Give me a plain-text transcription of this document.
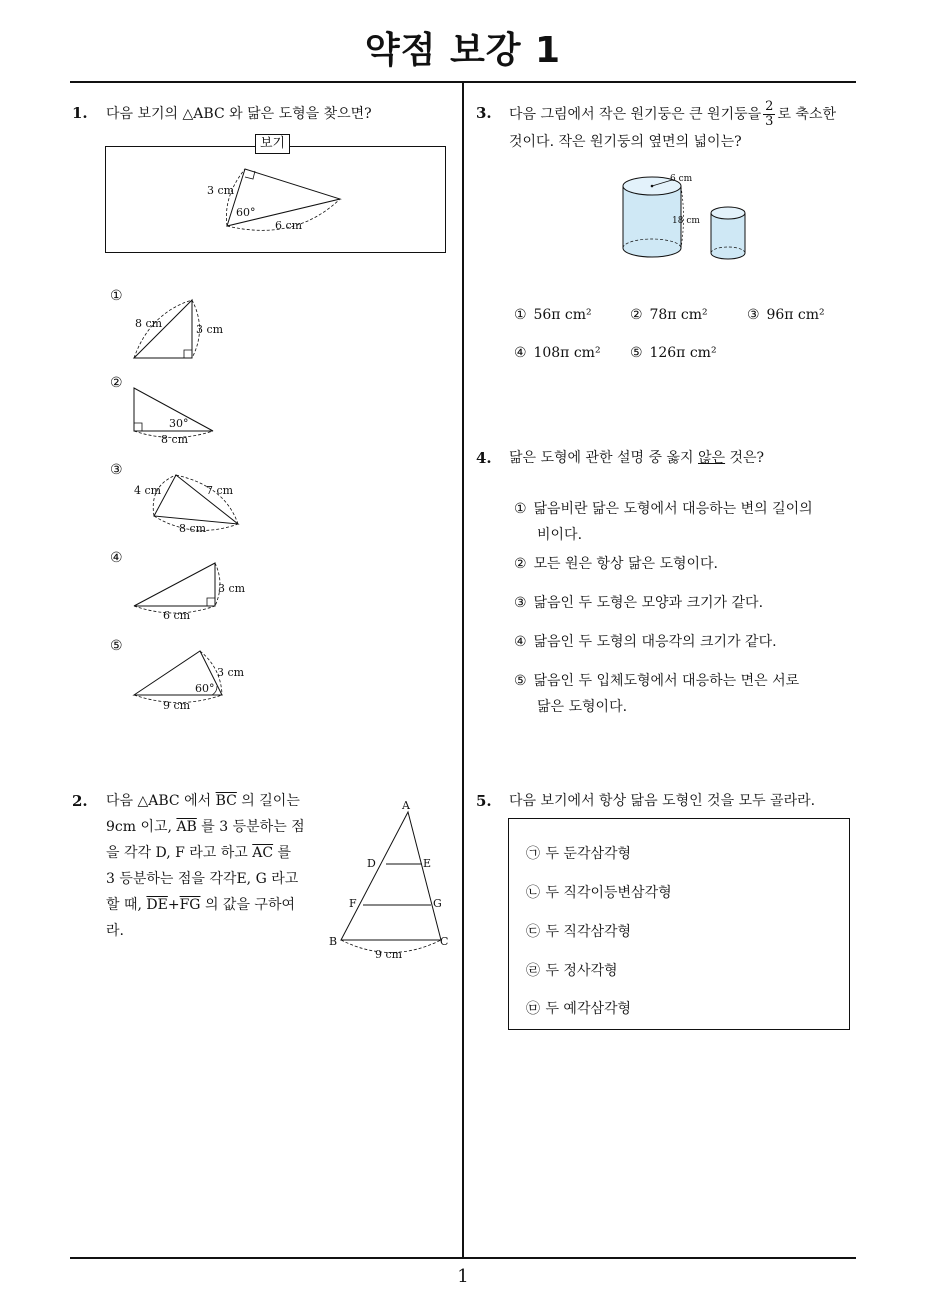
약점 보강 1
1
1. 다음 보기의 △ABC 와 닮은 도형을 찾으면?
보기
3 cm
60°
6 cm
①
8 cm	3 cm
②
30°
8 cm
③
4 cm	7 cm
8 cm
④
3 cm
6 cm
⑤
3 cm
60°
9 cm
2. 다음 △ABC 에서 $\overline{BC}$ 의 길이는
9cm 이고, $\overline{AB}$ 를 3 등분하는 점
을 각각 D, F 라고 하고 $\overline{AC}$ 를
3 등분하는 점을 각각E, G 라고
할 때, $\overline{DE}+\overline{FG}$ 의 값을 구하여
라.
A
D	E
F	G
B	C
9 cm
3. 다음 그림에서 작은 원기둥은 큰 원기둥을 $\frac{2}{3}$ 로 축소한
것이다. 작은 원기둥의 옆면의 넓이는?
6 cm
18 cm
① 56π cm²	② 78π cm²	③ 96π cm²
④ 108π cm² ⑤ 126π cm²
4. 닮은 도형에 관한 설명 중 옳지 않은 것은?
① 닮음비란 닮은 도형에서 대응하는 변의 길이의
비이다.
② 모든 원은 항상 닮은 도형이다.
③ 닮음인 두 도형은 모양과 크기가 같다.
④ 닮음인 두 도형의 대응각의 크기가 같다.
⑤ 닮음인 두 입체도형에서 대응하는 면은 서로
닮은 도형이다.
5. 다음 보기에서 항상 닮음 도형인 것을 모두 골라라.
㉠ 두 둔각삼각형
㉡ 두 직각이등변삼각형
㉢ 두 직각삼각형
㉣ 두 정사각형
㉤ 두 예각삼각형
